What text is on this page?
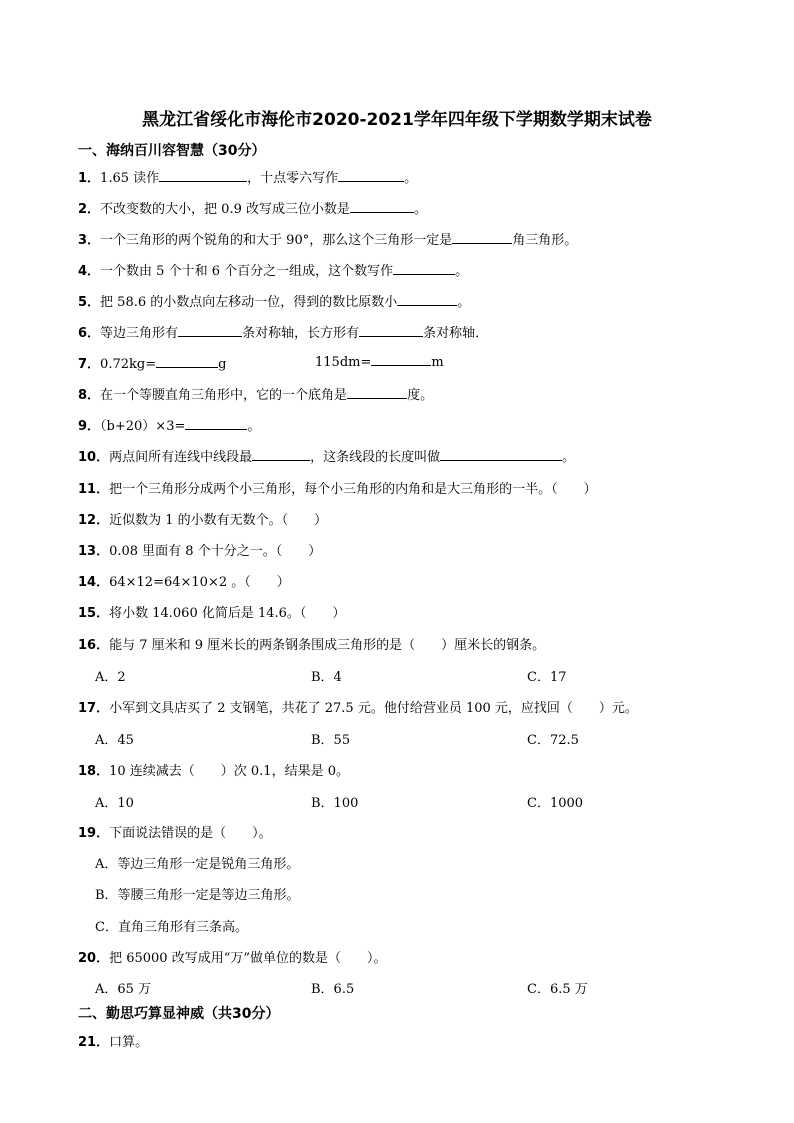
黑龙江省绥化市海伦市2020-2021学年四年级下学期数学期末试卷
一、海纳百川容智慧（30分）
1．1.65 读作	，十点零六写作	。
2．不改变数的大小，把 0.9 改写成三位小数是	。
3．一个三角形的两个锐角的和大于 90°，那么这个三角形一定是	角三角形。
4．一个数由 5 个十和 6 个百分之一组成，这个数写作	。
5．把 58.6 的小数点向左移动一位，得到的数比原数小	。
6．等边三角形有	条对称轴，长方形有	条对称轴．
7．0.72kg=	g	115dm=	m
8．在一个等腰直角三角形中，它的一个底角是	度。
9．（b+20）×3=	。
10．两点间所有连线中线段最	，这条线段的长度叫做	。
11．把一个三角形分成两个小三角形，每个小三角形的内角和是大三角形的一半。（　　）
12．近似数为 1 的小数有无数个。（　　）
13．0.08 里面有 8 个十分之一。（　　）
14．64×12=64×10×2 。（　　）
15．将小数 14.060 化简后是 14.6。（　　）
16．能与 7 厘米和 9 厘米长的两条钢条围成三角形的是（　　）厘米长的钢条。
A．2	B．4	C．17
17．小军到文具店买了 2 支钢笔，共花了 27.5 元。他付给营业员 100 元，应找回（　　）元。
A．45	B．55	C．72.5
18．10 连续减去（　　）次 0.1，结果是 0。
A．10	B．100	C．1000
19．下面说法错误的是（　　）。
A．等边三角形一定是锐角三角形。
B．等腰三角形一定是等边三角形。
C．直角三角形有三条高。
20．把 65000 改写成用“万”做单位的数是（　　）。
A．65 万	B．6.5	C．6.5 万
二、勤思巧算显神威（共30分）
21．口算。
